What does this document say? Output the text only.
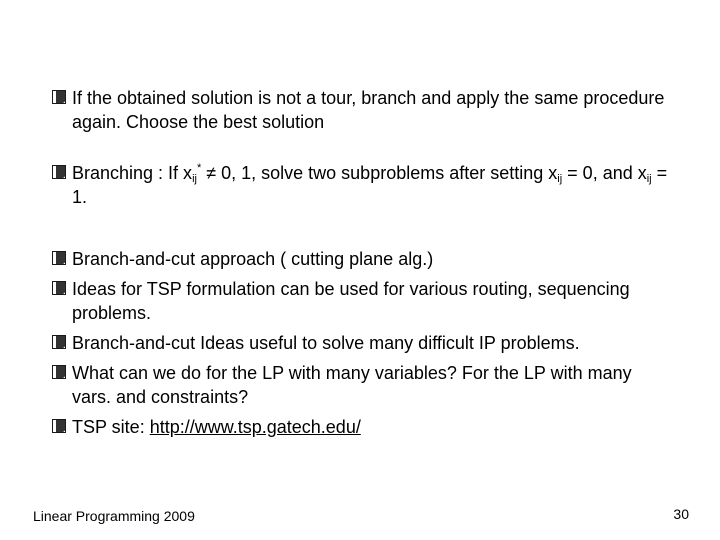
If the obtained solution is not a tour, branch and apply the same procedure again. Choose the best solution
Branching : If $x_{ij}^* \ne 0$, 1, solve two subproblems after setting $x_{ij} = 0$, and $x_{ij} = 1$.
Branch-and-cut approach ( cutting plane alg.)
Ideas for TSP formulation can be used for various routing, sequencing problems.
Branch-and-cut Ideas useful to solve many difficult IP problems.
What can we do for the LP with many variables? For the LP with many vars. and constraints?
TSP site: http://www.tsp.gatech.edu/
Linear Programming 2009	30
